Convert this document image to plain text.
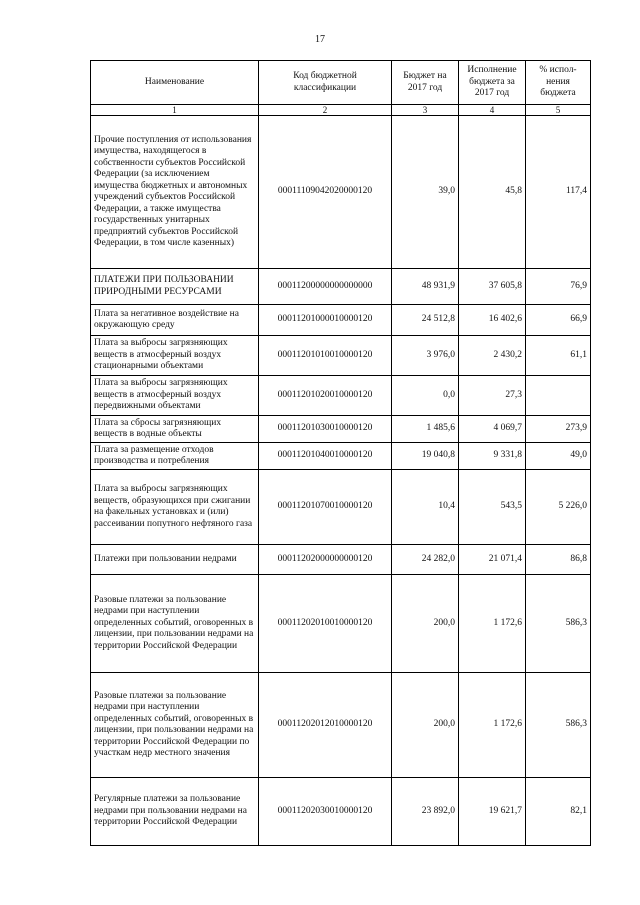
17
Наименование	Код бюджетной классификации	Бюджет на 2017 год	Исполнение бюджета за 2017 год	% испол-нения бюджета
1	2	3	4	5
Прочие поступления от использования имущества, находящегося в собственности субъектов Российской Федерации (за исключением имущества бюджетных и автономных учреждений субъектов Российской Федерации, а также имущества государственных унитарных предприятий субъектов Российской Федерации, в том числе казенных)	00011109042020000120	39,0	45,8	117,4
ПЛАТЕЖИ ПРИ ПОЛЬЗОВАНИИ ПРИРОДНЫМИ РЕСУРСАМИ	00011200000000000000	48 931,9	37 605,8	76,9
Плата за негативное воздействие на окружающую среду	00011201000010000120	24 512,8	16 402,6	66,9
Плата за выбросы загрязняющих веществ в атмосферный воздух стационарными объектами	00011201010010000120	3 976,0	2 430,2	61,1
Плата за выбросы загрязняющих веществ в атмосферный воздух передвижными объектами	00011201020010000120	0,0	27,3	
Плата за сбросы загрязняющих веществ в водные объекты	00011201030010000120	1 485,6	4 069,7	273,9
Плата за размещение отходов производства и потребления	00011201040010000120	19 040,8	9 331,8	49,0
Плата за выбросы загрязняющих веществ, образующихся при сжигании на факельных установках и (или) рассеивании попутного нефтяного газа	00011201070010000120	10,4	543,5	5 226,0
Платежи при пользовании недрами	00011202000000000120	24 282,0	21 071,4	86,8
Разовые платежи за пользование недрами при наступлении определенных событий, оговоренных в лицензии, при пользовании недрами на территории Российской Федерации	00011202010010000120	200,0	1 172,6	586,3
Разовые платежи за пользование недрами при наступлении определенных событий, оговоренных в лицензии, при пользовании недрами на территории Российской Федерации по участкам недр местного значения	00011202012010000120	200,0	1 172,6	586,3
Регулярные платежи за пользование недрами при пользовании недрами на территории Российской Федерации	00011202030010000120	23 892,0	19 621,7	82,1
